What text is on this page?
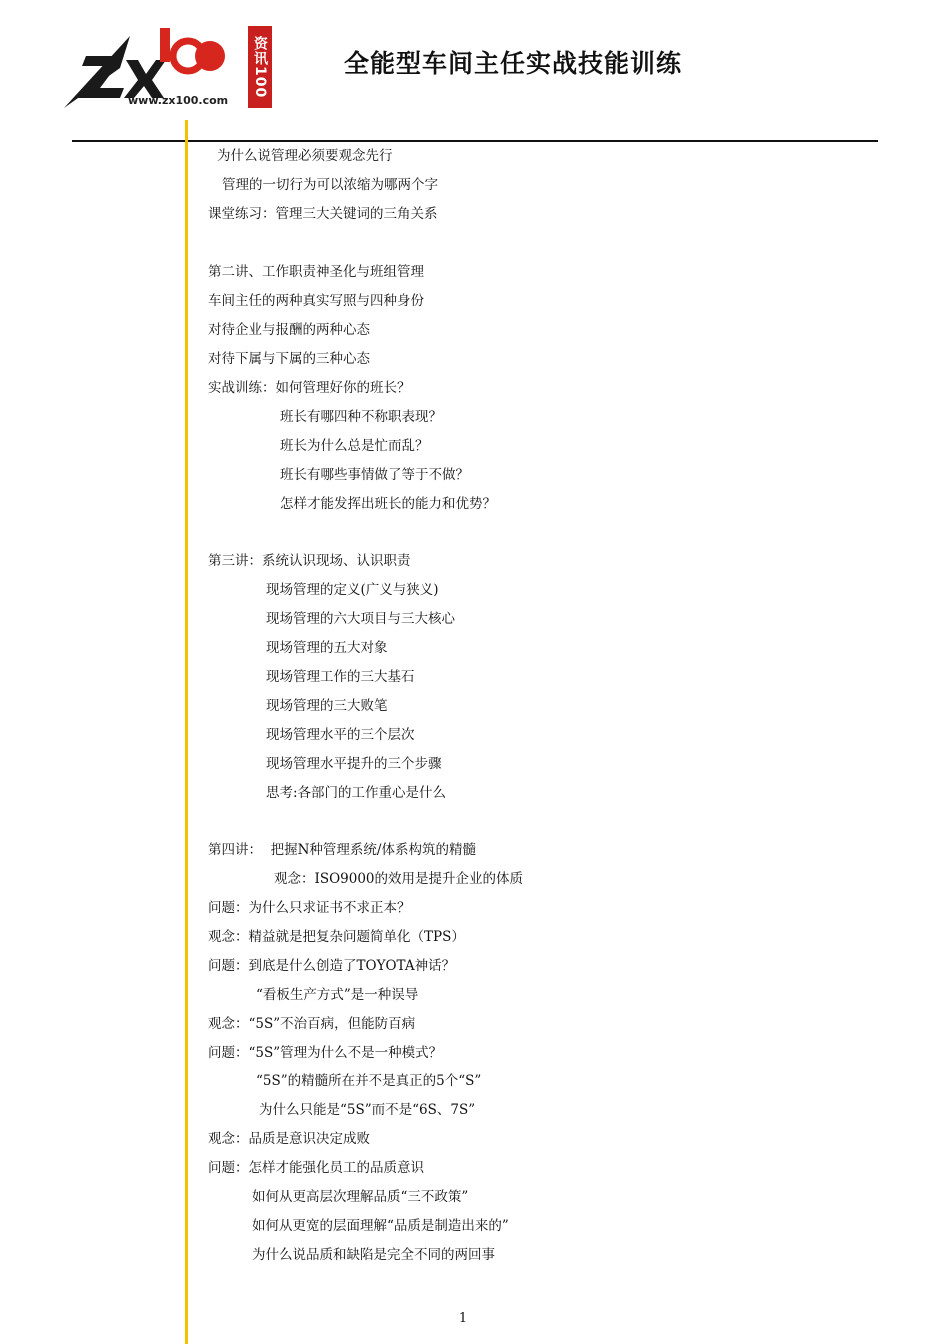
www.zx100.com
资讯100	全能型车间主任实战技能训练
为什么说管理必须要观念先行
管理的一切行为可以浓缩为哪两个字
课堂练习：管理三大关键词的三角关系
第二讲、工作职责神圣化与班组管理
车间主任的两种真实写照与四种身份
对待企业与报酬的两种心态
对待下属与下属的三种心态
实战训练：如何管理好你的班长？
班长有哪四种不称职表现？
班长为什么总是忙而乱？
班长有哪些事情做了等于不做？
怎样才能发挥出班长的能力和优势？
第三讲：系统认识现场、认识职责
现场管理的定义(广义与狭义)
现场管理的六大项目与三大核心
现场管理的五大对象
现场管理工作的三大基石
现场管理的三大败笔
现场管理水平的三个层次
现场管理水平提升的三个步骤
思考:各部门的工作重心是什么
第四讲：  把握N种管理系统/体系构筑的精髓
观念：ISO9000的效用是提升企业的体质
问题：为什么只求证书不求正本？
观念：精益就是把复杂问题简单化（TPS）
问题：到底是什么创造了TOYOTA神话？
“看板生产方式”是一种误导
观念：“5S”不治百病，但能防百病
问题：“5S”管理为什么不是一种模式？
“5S”的精髓所在并不是真正的5个“S”
为什么只能是“5S”而不是“6S、7S”
观念：品质是意识决定成败
问题：怎样才能强化员工的品质意识
如何从更高层次理解品质“三不政策”
如何从更宽的层面理解“品质是制造出来的”
为什么说品质和缺陷是完全不同的两回事
1
